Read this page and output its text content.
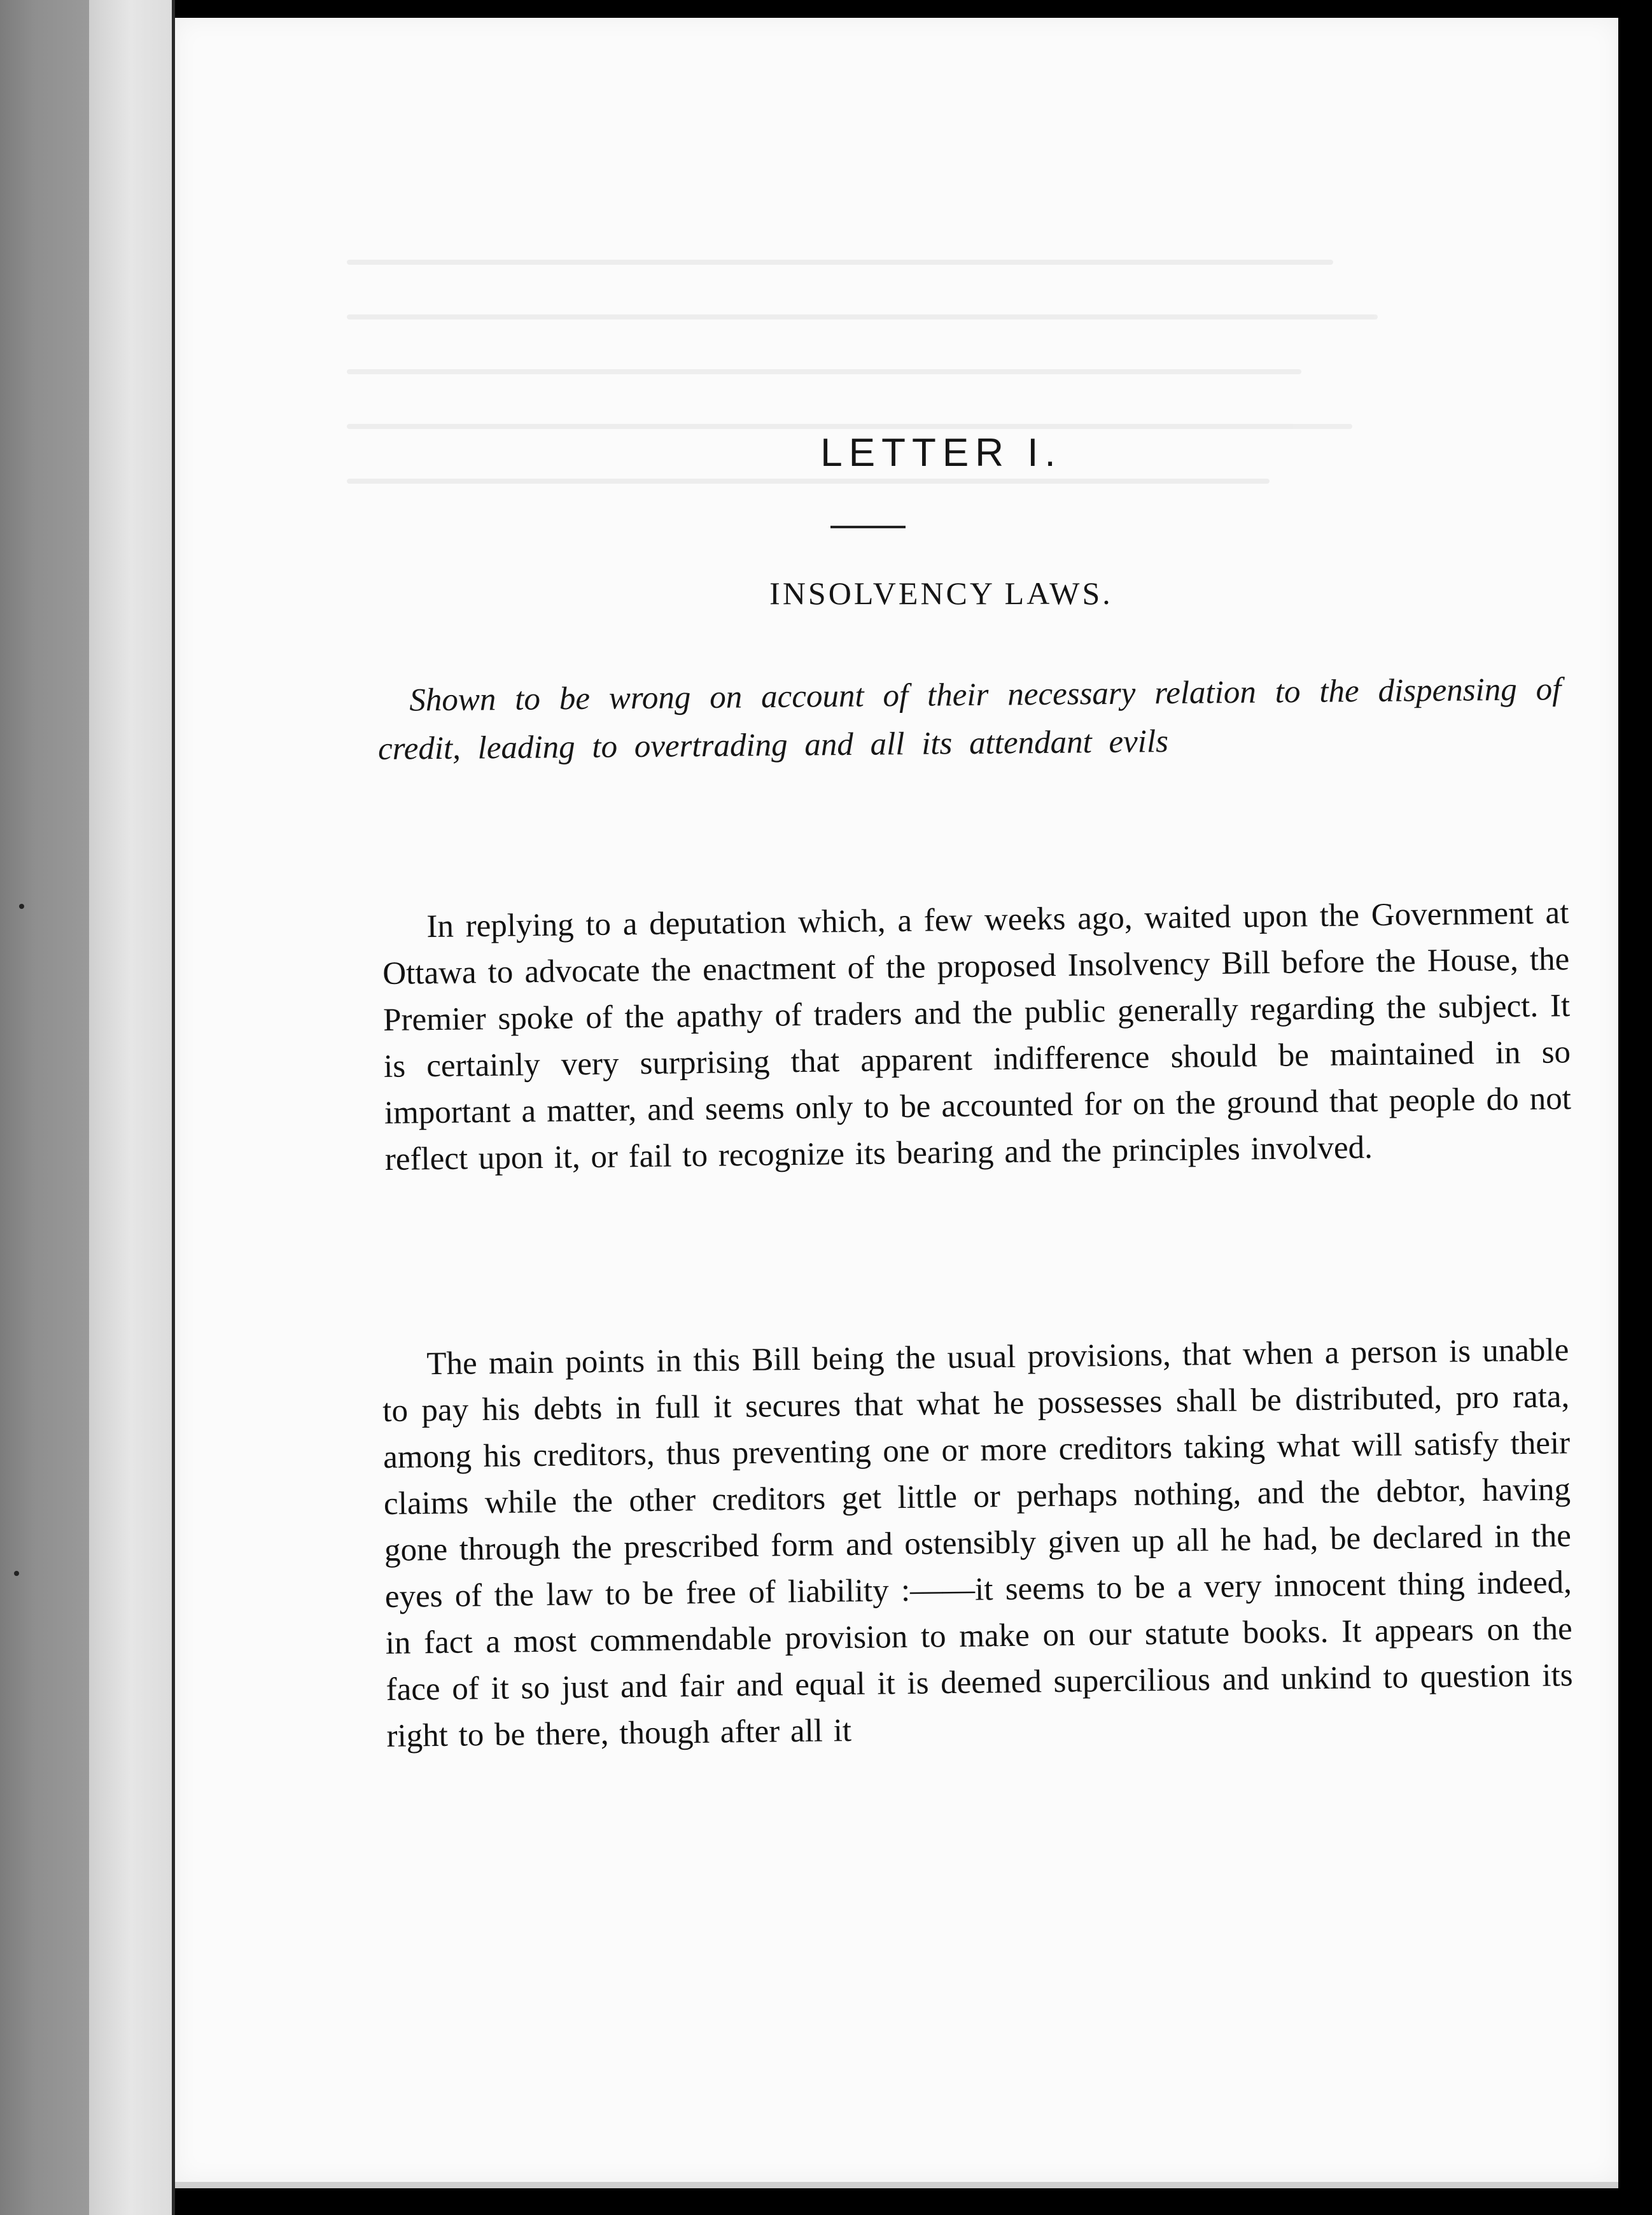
LETTER I.
INSOLVENCY LAWS.
Shown to be wrong on account of their necessary relation to the dispensing of credit, leading to overtrading and all its attendant evils
In replying to a deputation which, a few weeks ago, waited upon the Government at Ottawa to advocate the enactment of the proposed Insolvency Bill before the House, the Premier spoke of the apathy of traders and the public generally regarding the subject. It is certainly very surprising that apparent indifference should be maintained in so important a matter, and seems only to be accounted for on the ground that people do not reflect upon it, or fail to recognize its bearing and the principles involved.
The main points in this Bill being the usual provisions, that when a person is unable to pay his debts in full it secures that what he possesses shall be distributed, pro rata, among his creditors, thus preventing one or more creditors taking what will satisfy their claims while the other creditors get little or perhaps nothing, and the debtor, having gone through the prescribed form and ostensibly given up all he had, be declared in the eyes of the law to be free of liability :——it seems to be a very innocent thing indeed, in fact a most commendable provision to make on our statute books. It appears on the face of it so just and fair and equal it is deemed supercilious and unkind to question its right to be there, though after all it
